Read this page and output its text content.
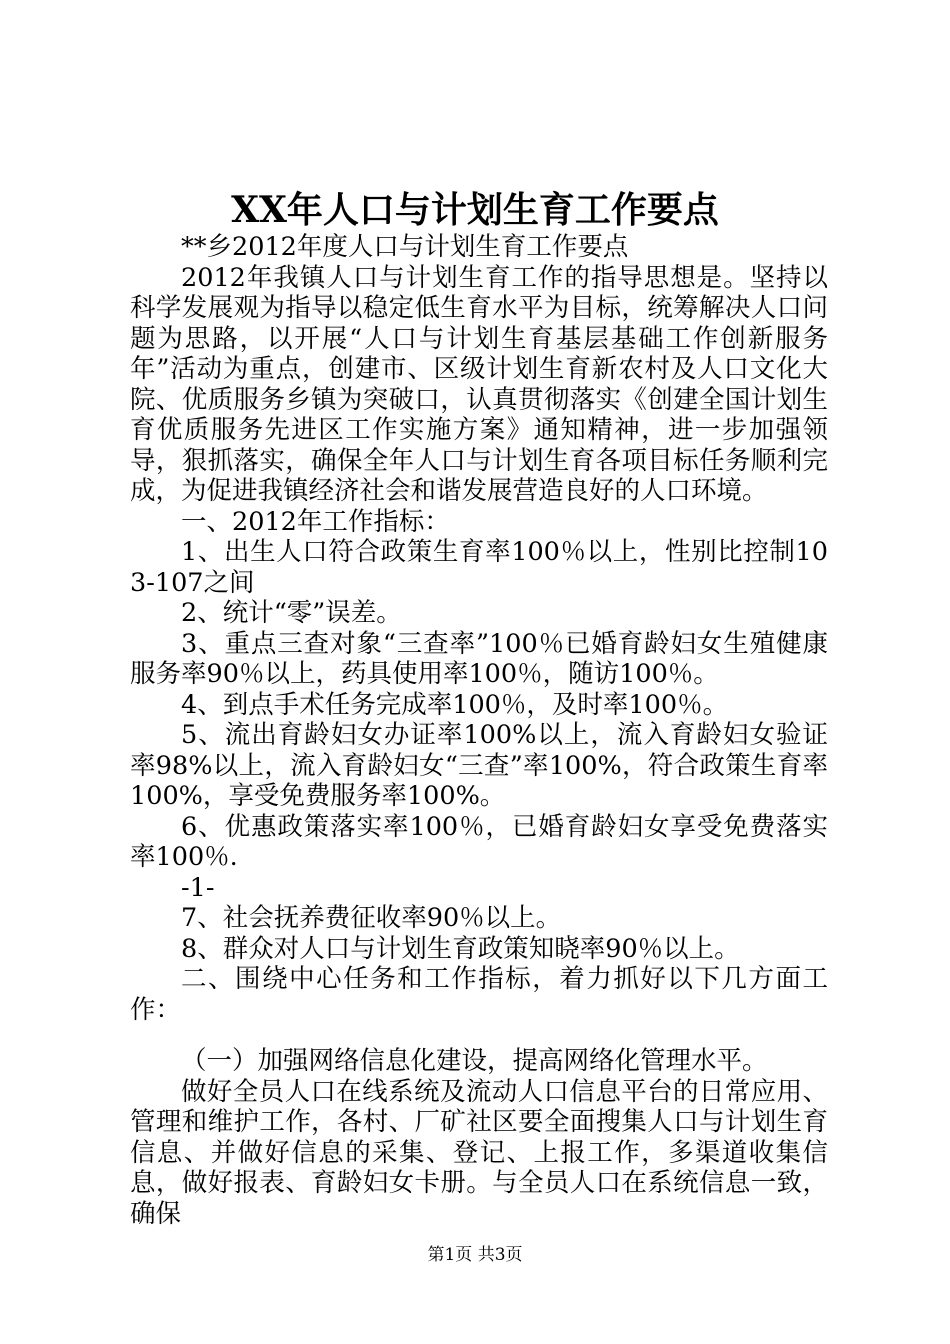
XX年人口与计划生育工作要点

**乡2012年度人口与计划生育工作要点

2012年我镇人口与计划生育工作的指导思想是。坚持以科学发展观为指导以稳定低生育水平为目标，统筹解决人口问题为思路，以开展“人口与计划生育基层基础工作创新服务年”活动为重点，创建市、区级计划生育新农村及人口文化大院、优质服务乡镇为突破口，认真贯彻落实《创建全国计划生育优质服务先进区工作实施方案》通知精神，进一步加强领导，狠抓落实，确保全年人口与计划生育各项目标任务顺利完成，为促进我镇经济社会和谐发展营造良好的人口环境。

一、2012年工作指标：

1、出生人口符合政策生育率100％以上，性别比控制103-107之间

2、统计“零”误差。

3、重点三查对象“三查率”100％已婚育龄妇女生殖健康服务率90％以上，药具使用率100％，随访100％。

4、到点手术任务完成率100％，及时率100％。

5、流出育龄妇女办证率100%以上，流入育龄妇女验证率98%以上，流入育龄妇女“三查”率100%，符合政策生育率100%，享受免费服务率100%。

6、优惠政策落实率100％，已婚育龄妇女享受免费落实率100％.

-1-

7、社会抚养费征收率90％以上。

8、群众对人口与计划生育政策知晓率90％以上。

二、围绕中心任务和工作指标，着力抓好以下几方面工作：

（一）加强网络信息化建设，提高网络化管理水平。

做好全员人口在线系统及流动人口信息平台的日常应用、管理和维护工作，各村、厂矿社区要全面搜集人口与计划生育信息、并做好信息的采集、登记、上报工作，多渠道收集信息，做好报表、育龄妇女卡册。与全员人口在系统信息一致，确保

第1页 共3页
